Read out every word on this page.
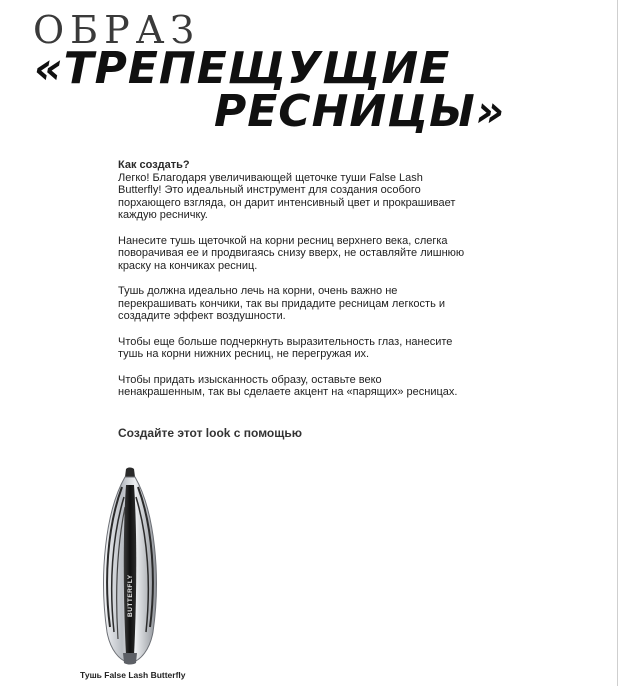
ОБРАЗ
«ТРЕПЕЩУЩИЕ
РЕСНИЦЫ»

Как создать?

Легко! Благодаря увеличивающей щеточке туши False Lash Butterfly! Это идеальный инструмент для создания особого порхающего взгляда, он дарит интенсивный цвет и прокрашивает каждую ресничку.

Нанесите тушь щеточкой на корни ресниц верхнего века, слегка поворачивая ее и продвигаясь снизу вверх, не оставляйте лишнюю краску на кончиках ресниц.

Тушь должна идеально лечь на корни, очень важно не перекрашивать кончики, так вы придадите ресницам легкость и создадите эффект воздушности.

Чтобы еще больше подчеркнуть выразительность глаз, нанесите тушь на корни нижних ресниц, не перегружая их.

Чтобы придать изысканность образу, оставьте веко ненакрашенным, так вы сделаете акцент на «парящих» ресницах.

Создайте этот look с помощью
BUTTERFLY
Тушь False Lash Butterfly
